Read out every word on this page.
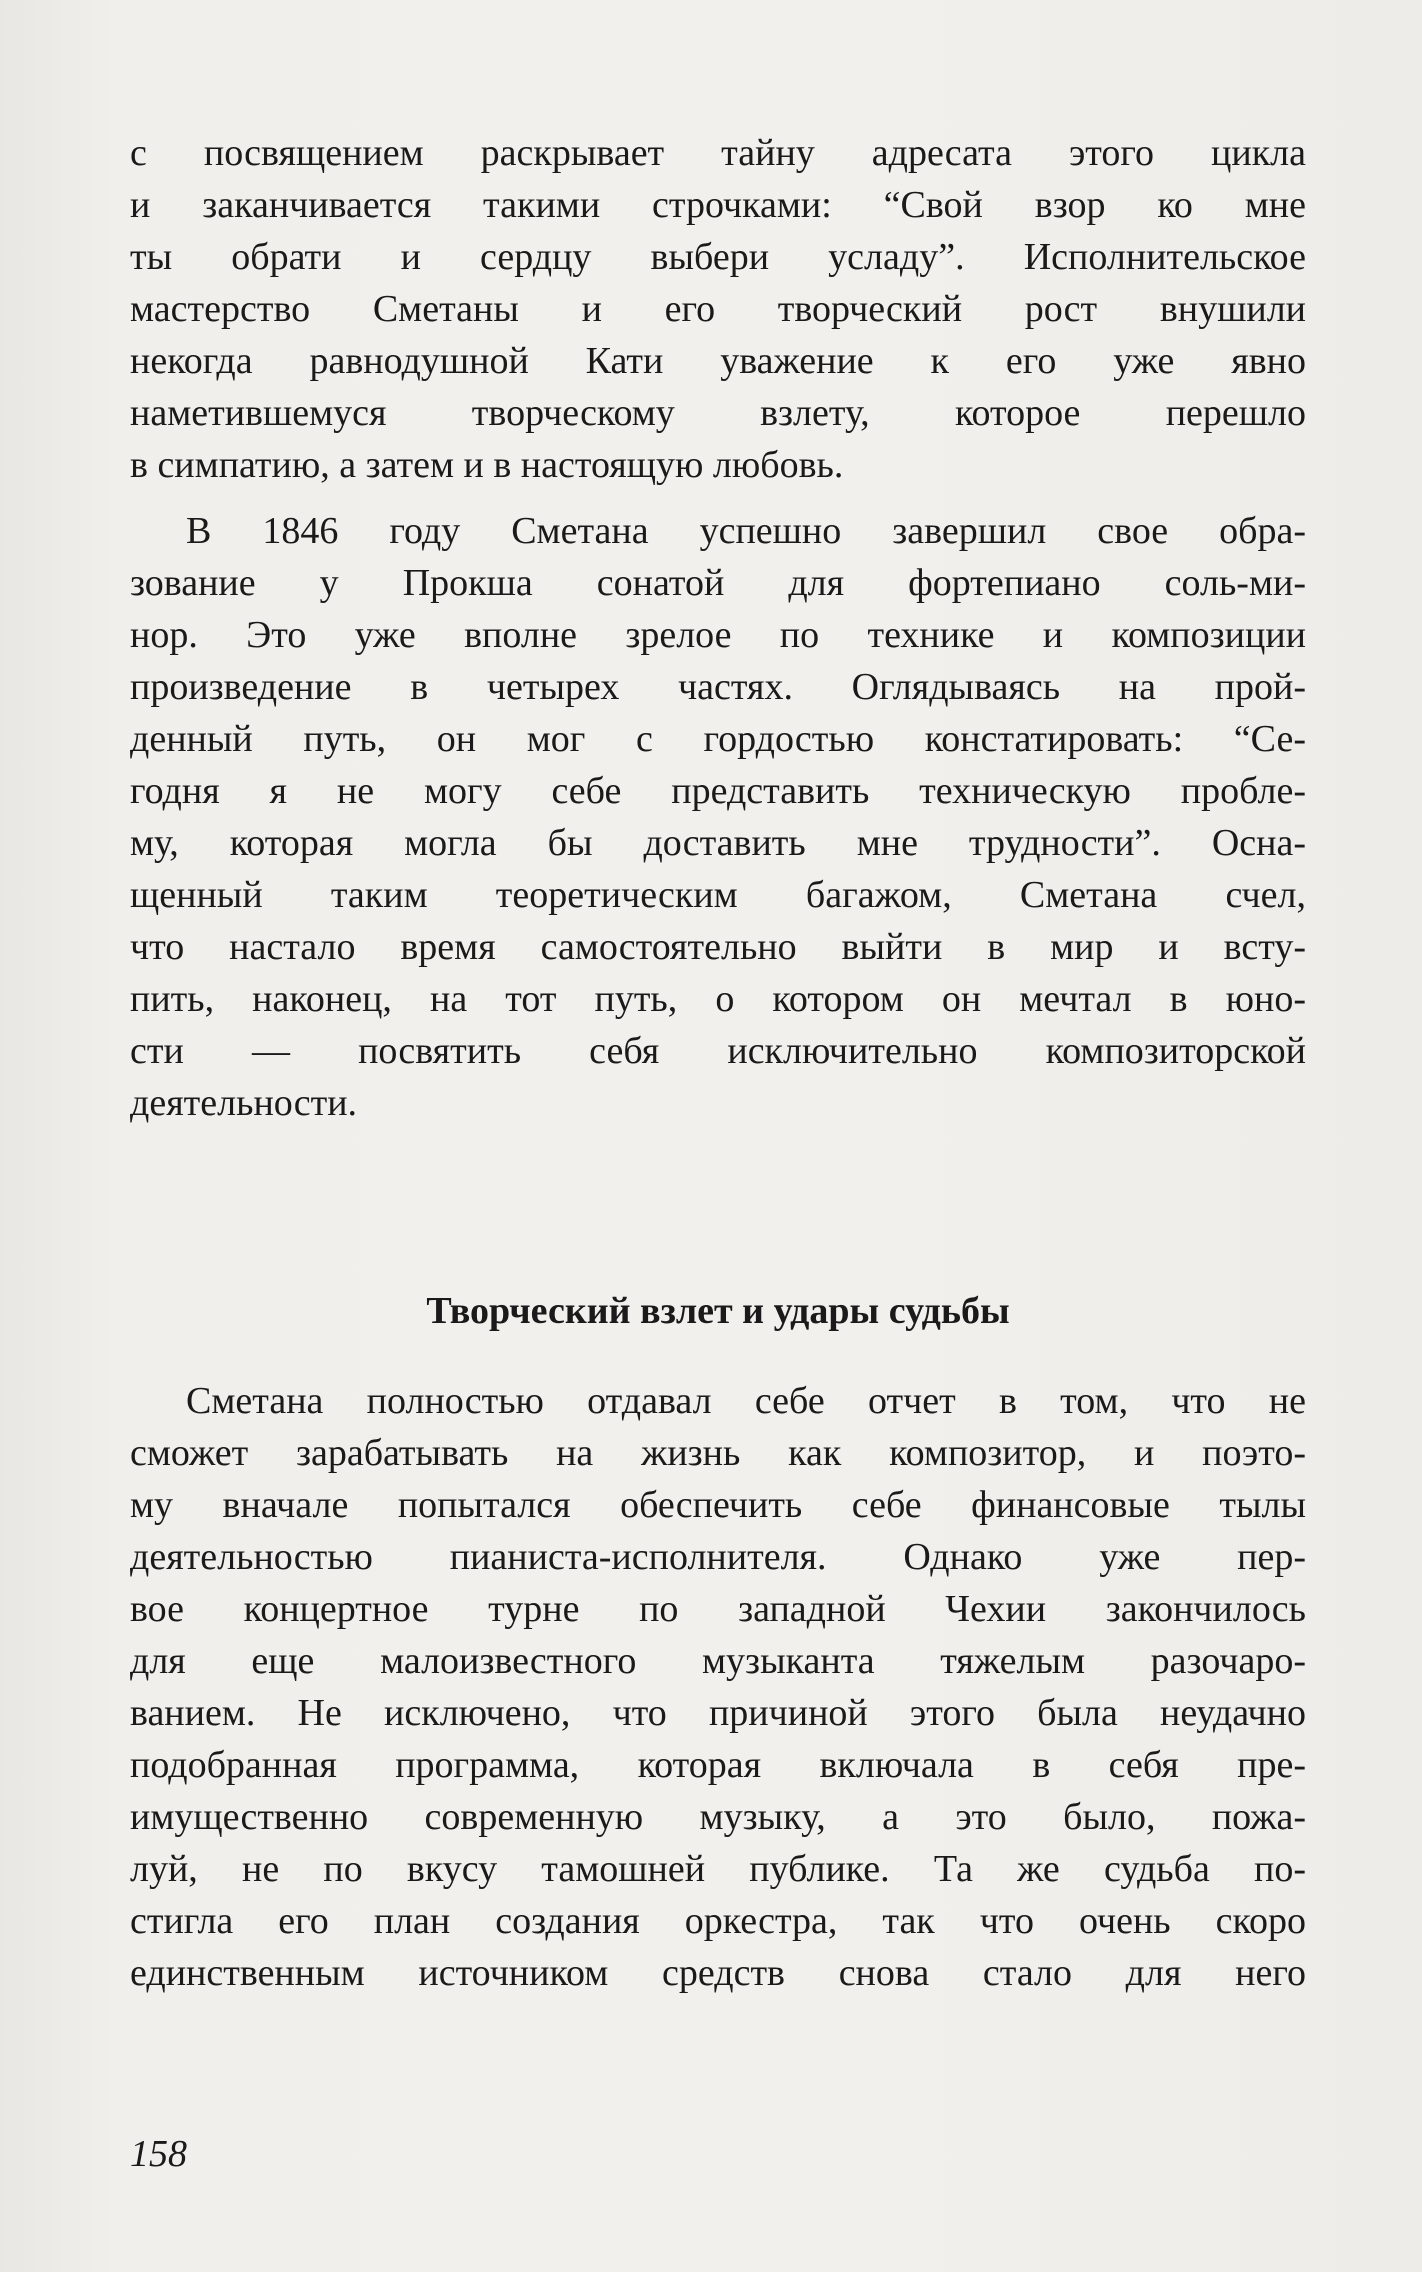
с посвящением раскрывает тайну адресата этого цикла
и заканчивается такими строчками: “Свой взор ко мне
ты обрати и сердцу выбери усладу”. Исполнительское
мастерство Сметаны и его творческий рост внушили
некогда равнодушной Кати уважение к его уже явно
наметившемуся творческому взлету, которое перешло
в симпатию, а затем и в настоящую любовь.
В 1846 году Сметана успешно завершил свое обра-
зование у Прокша сонатой для фортепиано соль-ми-
нор. Это уже вполне зрелое по технике и композиции
произведение в четырех частях. Оглядываясь на прой-
денный путь, он мог с гордостью констатировать: “Се-
годня я не могу себе представить техническую пробле-
му, которая могла бы доставить мне трудности”. Осна-
щенный таким теоретическим багажом, Сметана счел,
что настало время самостоятельно выйти в мир и всту-
пить, наконец, на тот путь, о котором он мечтал в юно-
сти — посвятить себя исключительно композиторской
деятельности.
Творческий взлет и удары судьбы
Сметана полностью отдавал себе отчет в том, что не
сможет зарабатывать на жизнь как композитор, и поэто-
му вначале попытался обеспечить себе финансовые тылы
деятельностью пианиста-исполнителя. Однако уже пер-
вое концертное турне по западной Чехии закончилось
для еще малоизвестного музыканта тяжелым разочаро-
ванием. Не исключено, что причиной этого была неудачно
подобранная программа, которая включала в себя пре-
имущественно современную музыку, а это было, пожа-
луй, не по вкусу тамошней публике. Та же судьба по-
стигла его план создания оркестра, так что очень скоро
единственным источником средств снова стало для него
158
